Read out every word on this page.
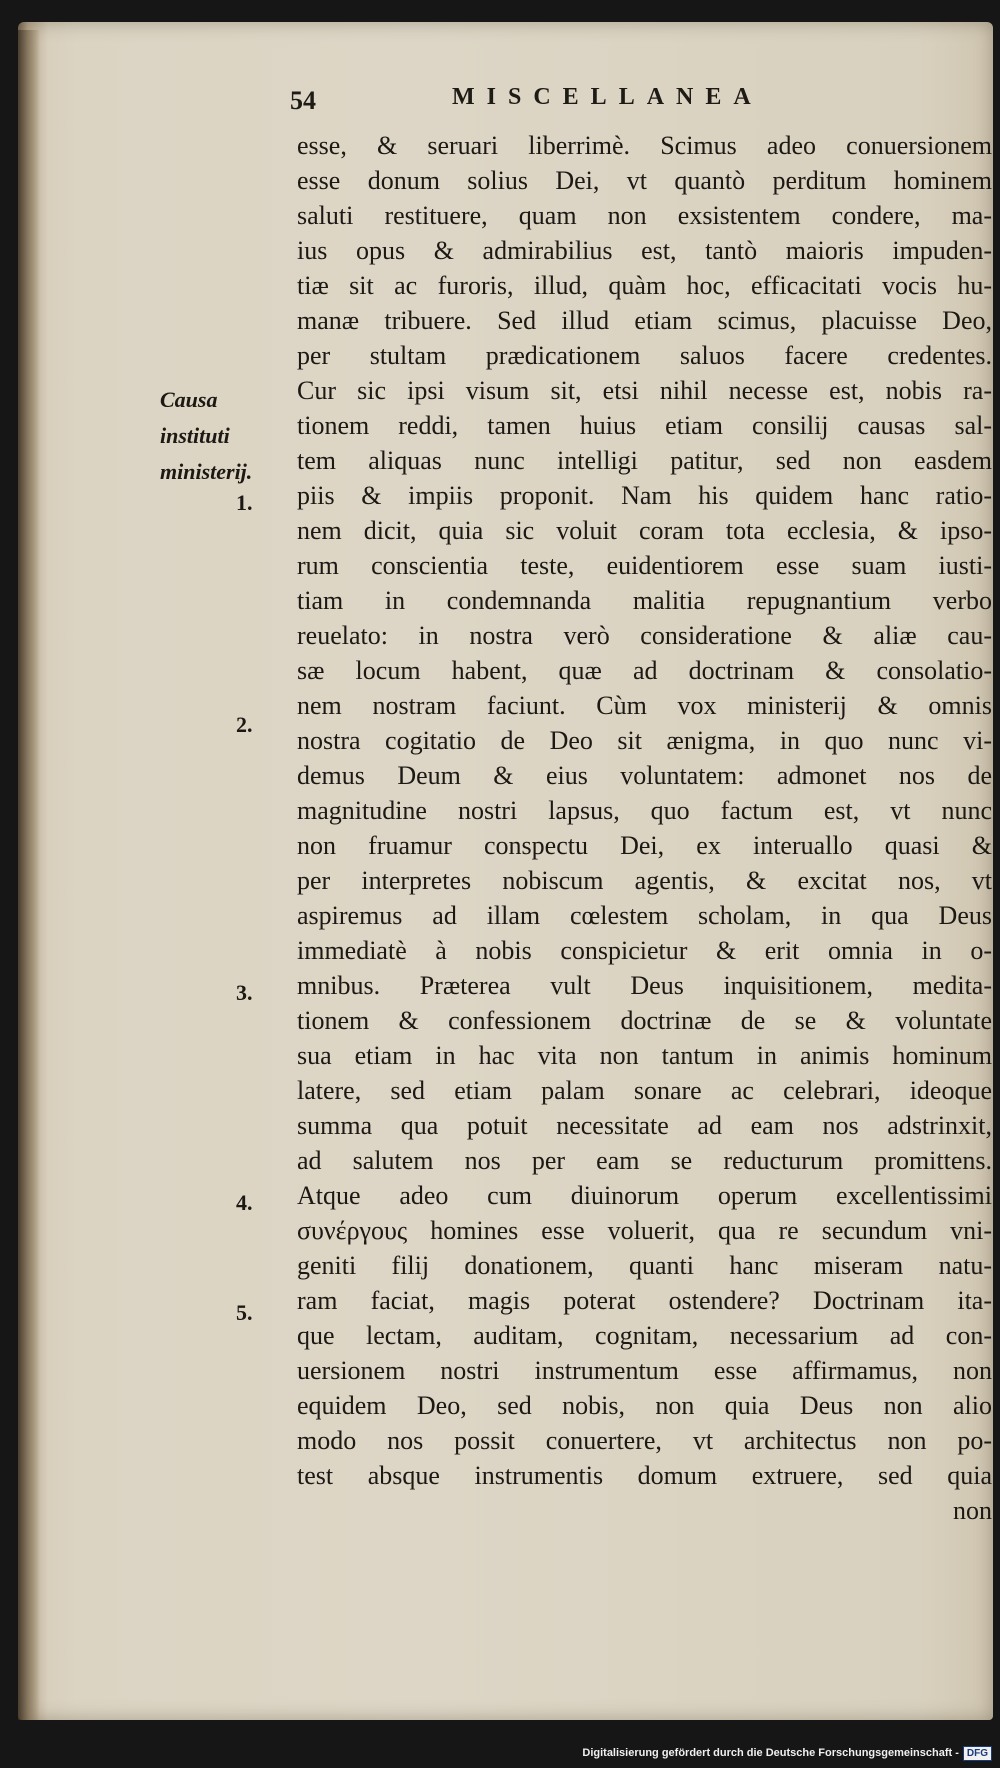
54	MISCELLANEA
Causa instituti ministerij.
1.
2.
3.
4.
5.
esse, & seruari liberrimè. Scimus adeo conuersionem
esse donum solius Dei, vt quantò perditum hominem
saluti restituere, quam non exsistentem condere, ma-
ius opus & admirabilius est, tantò maioris impuden-
tiæ sit ac furoris, illud, quàm hoc, efficacitati vocis hu-
manæ tribuere. Sed illud etiam scimus, placuisse Deo,
per stultam prædicationem saluos facere credentes.
Cur sic ipsi visum sit, etsi nihil necesse est, nobis ra-
tionem reddi, tamen huius etiam consilij causas sal-
tem aliquas nunc intelligi patitur, sed non easdem
piis & impiis proponit. Nam his quidem hanc ratio-
nem dicit, quia sic voluit coram tota ecclesia, & ipso-
rum conscientia teste, euidentiorem esse suam iusti-
tiam in condemnanda malitia repugnantium verbo
reuelato: in nostra verò consideratione & aliæ cau-
sæ locum habent, quæ ad doctrinam & consolatio-
nem nostram faciunt. Cùm vox ministerij & omnis
nostra cogitatio de Deo sit ænigma, in quo nunc vi-
demus Deum & eius voluntatem: admonet nos de
magnitudine nostri lapsus, quo factum est, vt nunc
non fruamur conspectu Dei, ex interuallo quasi &
per interpretes nobiscum agentis, & excitat nos, vt
aspiremus ad illam cœlestem scholam, in qua Deus
immediatè à nobis conspicietur & erit omnia in o-
mnibus. Præterea vult Deus inquisitionem, medita-
tionem & confessionem doctrinæ de se & voluntate
sua etiam in hac vita non tantum in animis hominum
latere, sed etiam palam sonare ac celebrari, ideoque
summa qua potuit necessitate ad eam nos adstrinxit,
ad salutem nos per eam se reducturum promittens.
Atque adeo cum diuinorum operum excellentissimi
συνέργους homines esse voluerit, qua re secundum vni-
geniti filij donationem, quanti hanc miseram natu-
ram faciat, magis poterat ostendere? Doctrinam ita-
que lectam, auditam, cognitam, necessarium ad con-
uersionem nostri instrumentum esse affirmamus, non
equidem Deo, sed nobis, non quia Deus non alio
modo nos possit conuertere, vt architectus non po-
test absque instrumentis domum extruere, sed quia
non
Digitalisierung gefördert durch die Deutsche Forschungsgemeinschaft - DFG
